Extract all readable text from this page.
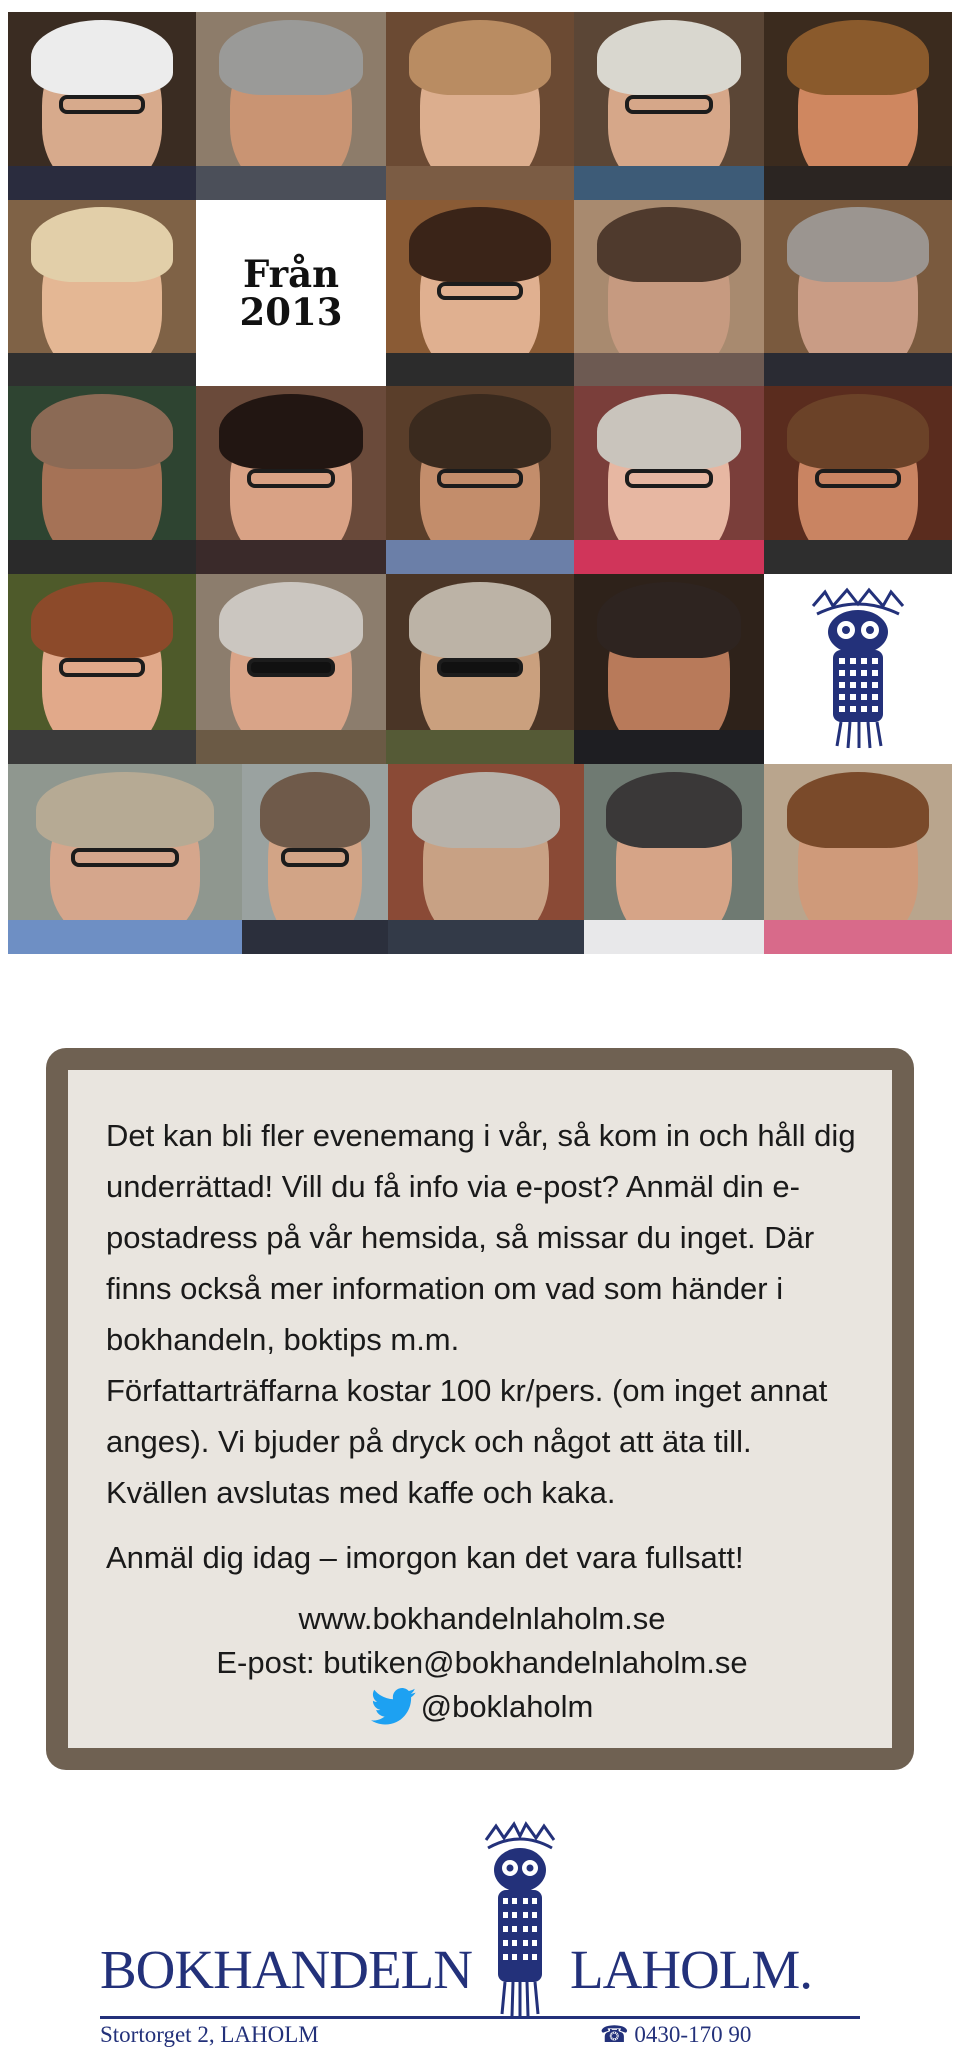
Från
2013

Det kan bli fler evenemang i vår, så kom in och håll dig underrättad! Vill du få info via e-post? Anmäl din e-postadress på vår hemsida, så missar du inget. Där finns också mer information om vad som händer i bokhandeln, boktips m.m.

Författarträffarna kostar 100 kr/pers. (om inget annat anges). Vi bjuder på dryck och något att äta till. Kvällen avslutas med kaffe och kaka.

Anmäl dig idag – imorgon kan det vara fullsatt!

www.bokhandelnlaholm.se
E-post: butiken@bokhandelnlaholm.se
@boklaholm
BOKHANDELN LAHOLM.
Stortorget 2, LAHOLM	☎ 0430-170 90
